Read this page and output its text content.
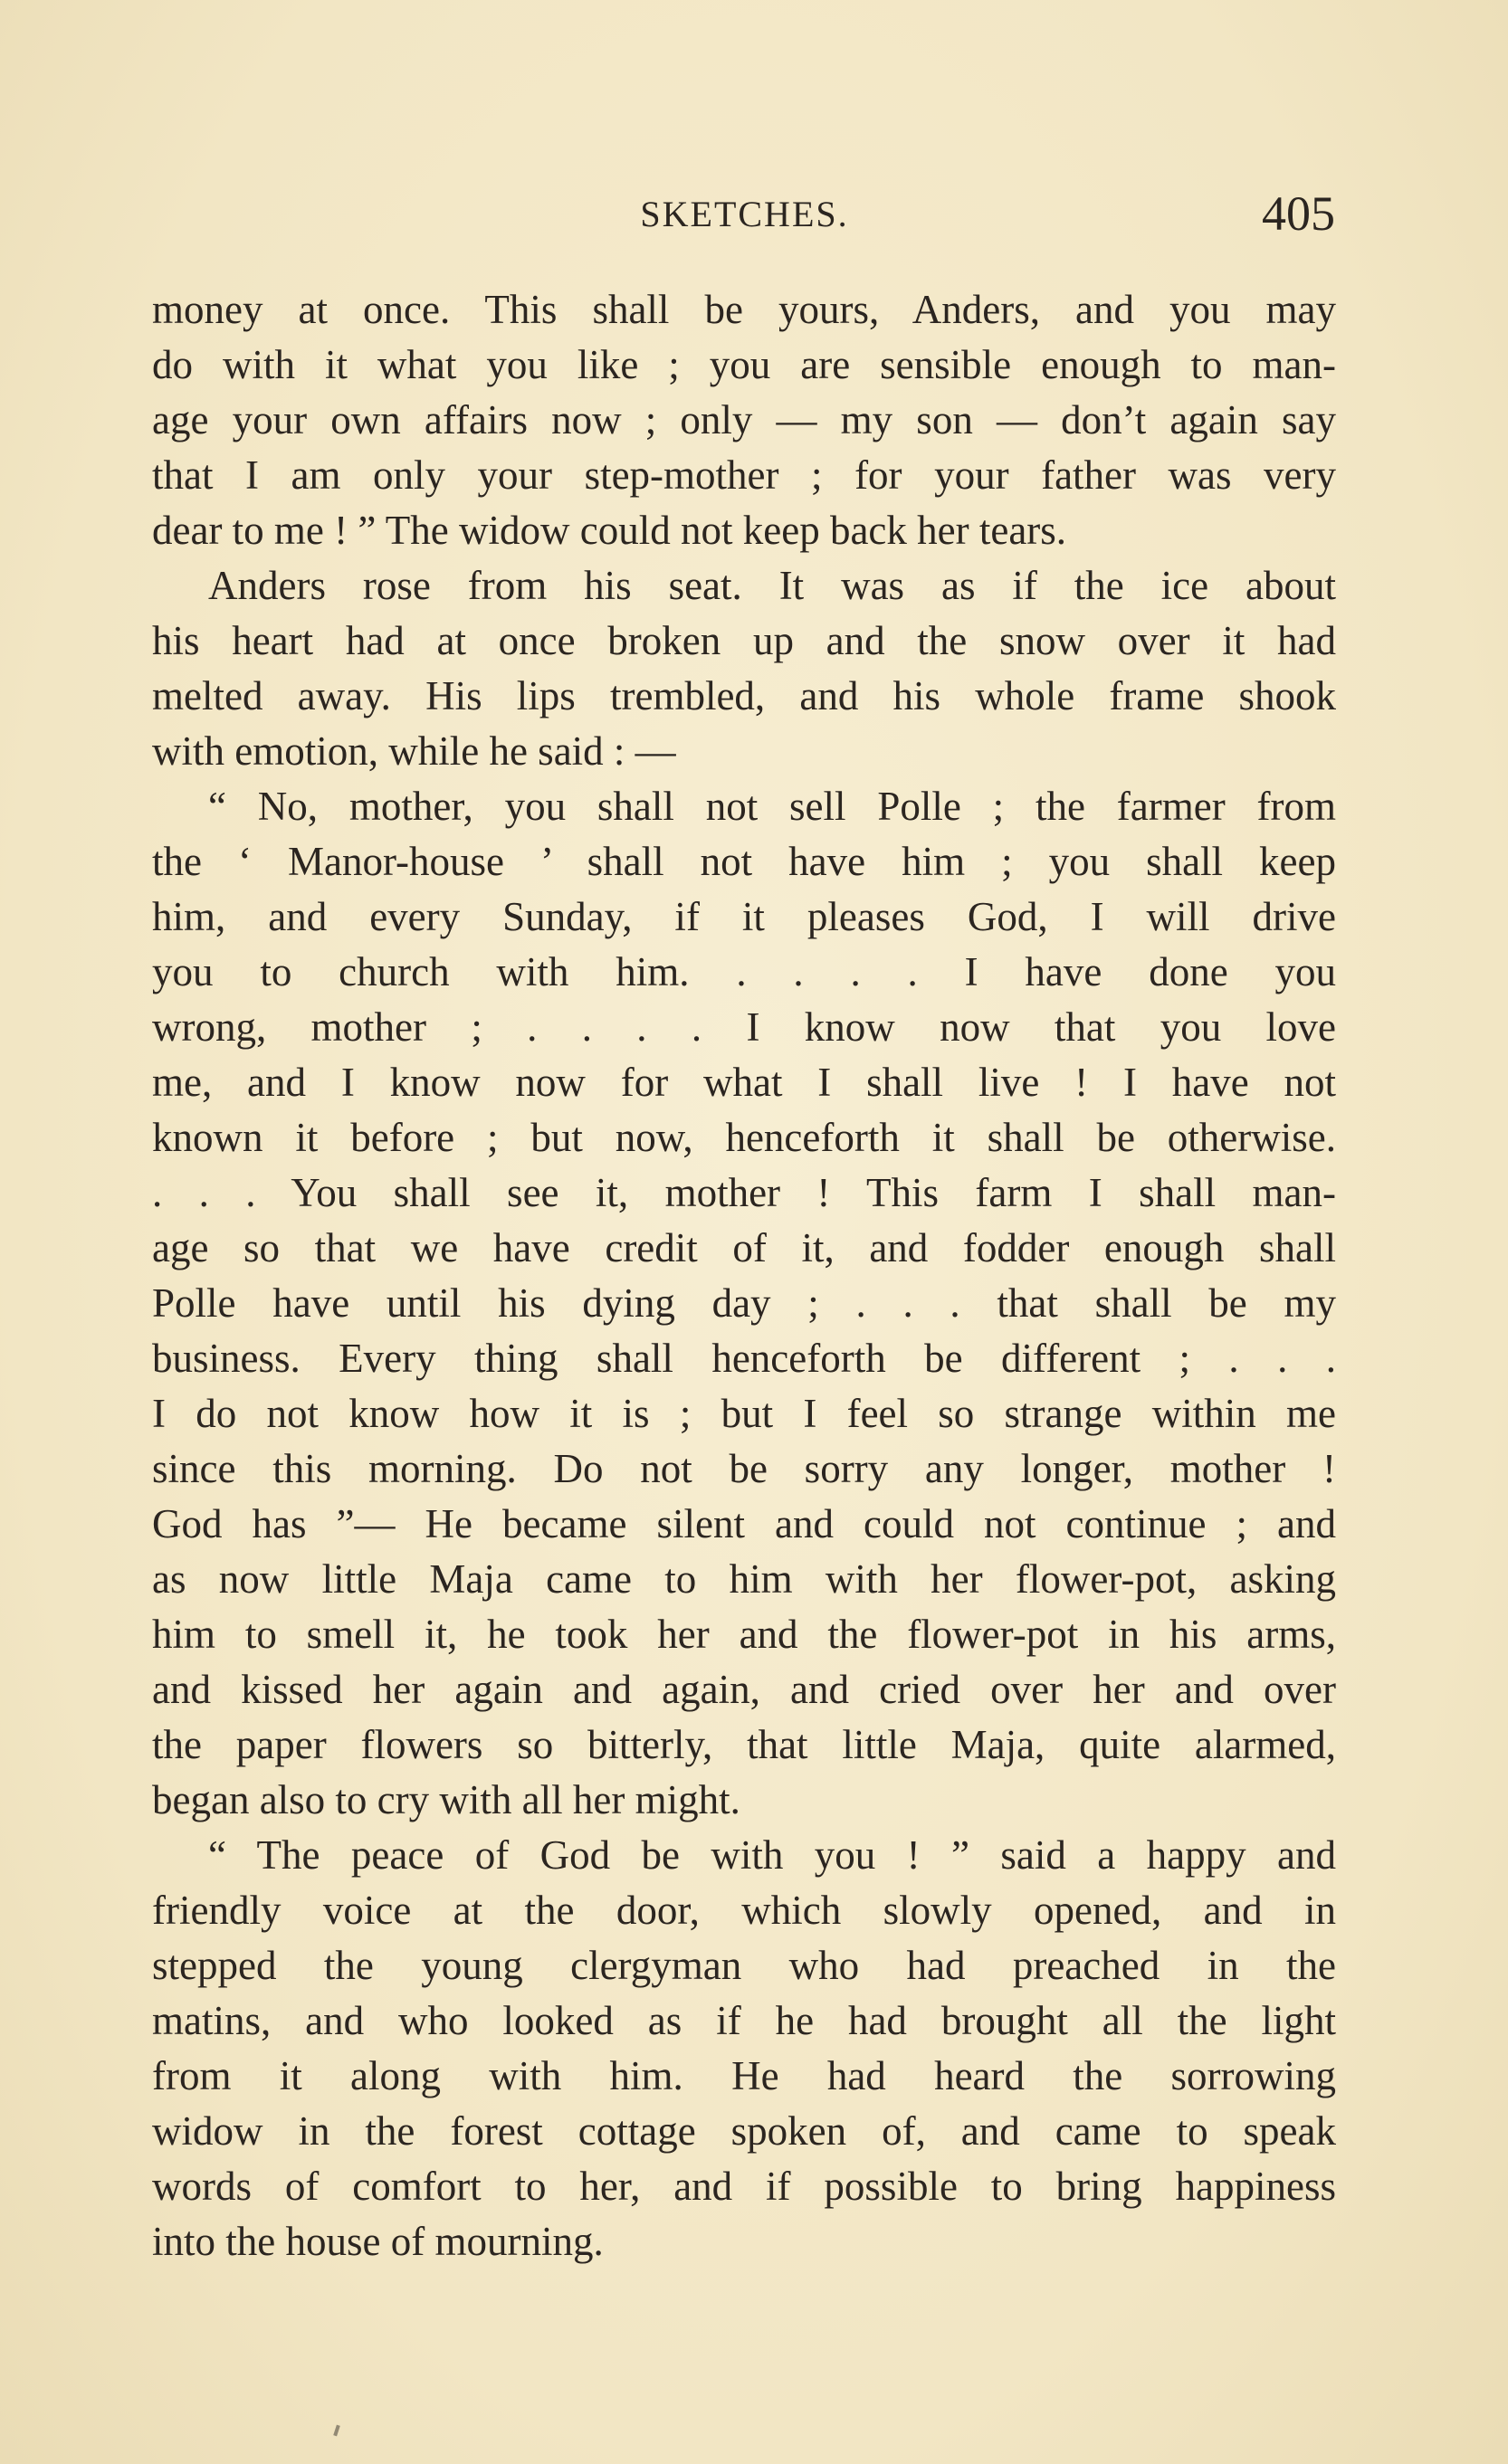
SKETCHES.	405
money at once. This shall be yours, Anders, and you may
do with it what you like ; you are sensible enough to man-
age your own affairs now ; only — my son — don’t again say
that I am only your step-mother ; for your father was very
dear to me ! ” The widow could not keep back her tears.
Anders rose from his seat. It was as if the ice about
his heart had at once broken up and the snow over it had
melted away. His lips trembled, and his whole frame shook
with emotion, while he said : —
“ No, mother, you shall not sell Polle ; the farmer from
the ‘ Manor-house ’ shall not have him ; you shall keep
him, and every Sunday, if it pleases God, I will drive
you to church with him. . . . . I have done you
wrong, mother ; . . . . I know now that you love
me, and I know now for what I shall live ! I have not
known it before ; but now, henceforth it shall be otherwise.
. . . You shall see it, mother ! This farm I shall man-
age so that we have credit of it, and fodder enough shall
Polle have until his dying day ; . . . that shall be my
business. Every thing shall henceforth be different ; . . .
I do not know how it is ; but I feel so strange within me
since this morning. Do not be sorry any longer, mother !
God has ”— He became silent and could not continue ; and
as now little Maja came to him with her flower-pot, asking
him to smell it, he took her and the flower-pot in his arms,
and kissed her again and again, and cried over her and over
the paper flowers so bitterly, that little Maja, quite alarmed,
began also to cry with all her might.
“ The peace of God be with you ! ” said a happy and
friendly voice at the door, which slowly opened, and in
stepped the young clergyman who had preached in the
matins, and who looked as if he had brought all the light
from it along with him. He had heard the sorrowing
widow in the forest cottage spoken of, and came to speak
words of comfort to her, and if possible to bring happiness
into the house of mourning.
